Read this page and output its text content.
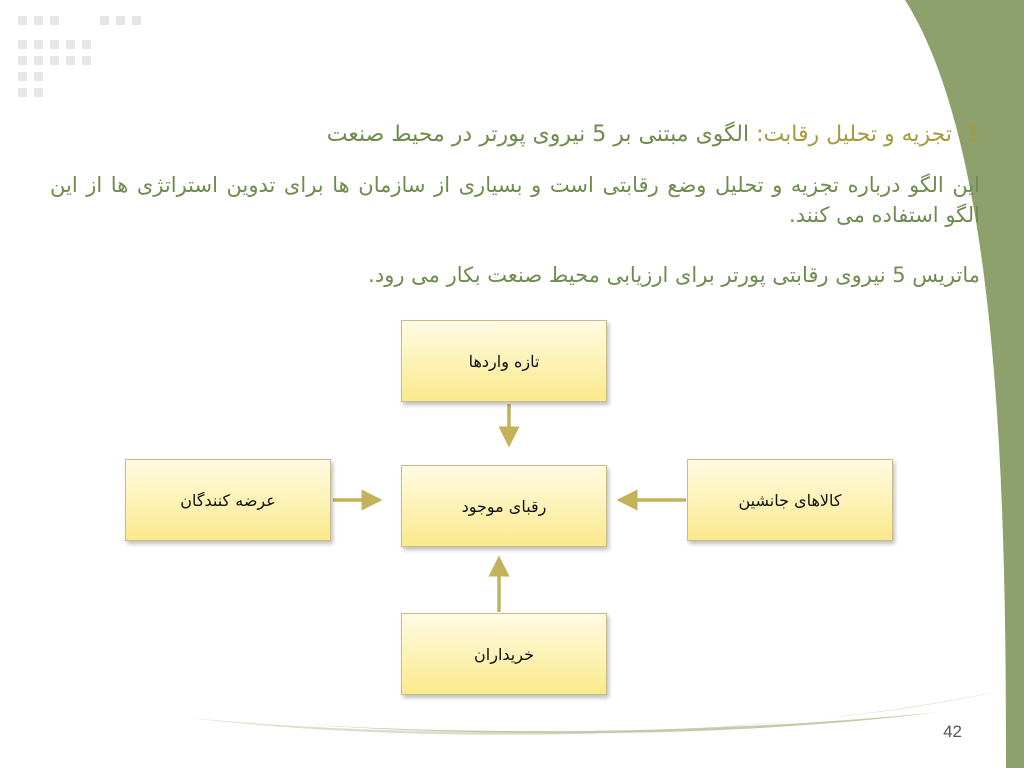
1. تجزیه و تحلیل رقابت: الگوی مبتنی بر 5 نیروی پورتر در محیط صنعت
این الگو درباره تجزیه و تحلیل وضع رقابتی است و بسیاری از سازمان ها برای تدوین استراتژی ها از این الگو استفاده می کنند.
ماتریس 5 نیروی رقابتی پورتر برای ارزیابی محیط صنعت بکار می رود.
تازه واردها
رقبای موجود
عرضه کنندگان	کالاهای جانشین
خریداران
42
